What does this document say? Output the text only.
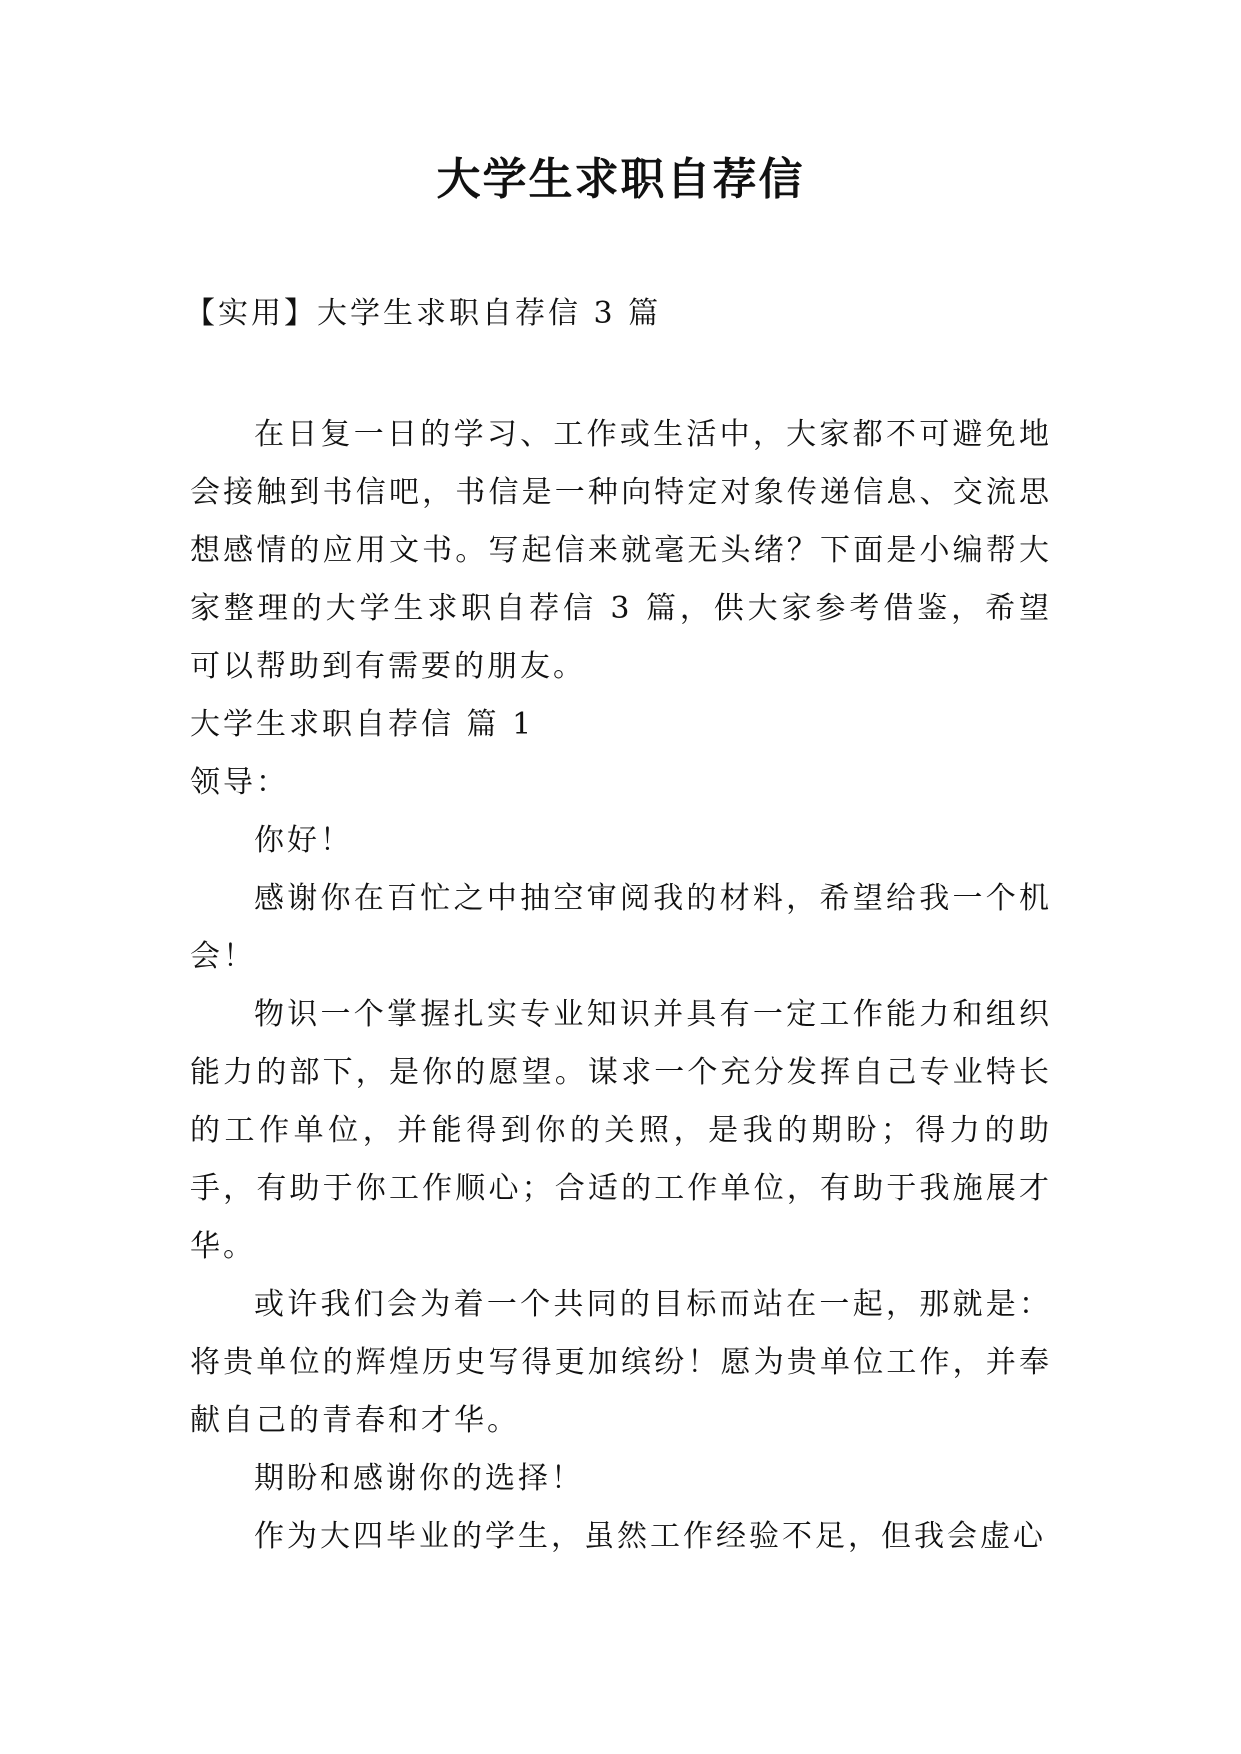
大学生求职自荐信
【实用】大学生求职自荐信 3 篇

在日复一日的学习、工作或生活中，大家都不可避免地会接触到书信吧，书信是一种向特定对象传递信息、交流思想感情的应用文书。写起信来就毫无头绪？下面是小编帮大家整理的大学生求职自荐信 3 篇，供大家参考借鉴，希望可以帮助到有需要的朋友。

大学生求职自荐信 篇 1

领导：

你好！

感谢你在百忙之中抽空审阅我的材料，希望给我一个机会！

物识一个掌握扎实专业知识并具有一定工作能力和组织能力的部下，是你的愿望。谋求一个充分发挥自己专业特长的工作单位，并能得到你的关照，是我的期盼；得力的助手，有助于你工作顺心；合适的工作单位，有助于我施展才华。

或许我们会为着一个共同的目标而站在一起，那就是：将贵单位的辉煌历史写得更加缤纷！愿为贵单位工作，并奉献自己的青春和才华。

期盼和感谢你的选择！

作为大四毕业的学生，虽然工作经验不足，但我会虚心
